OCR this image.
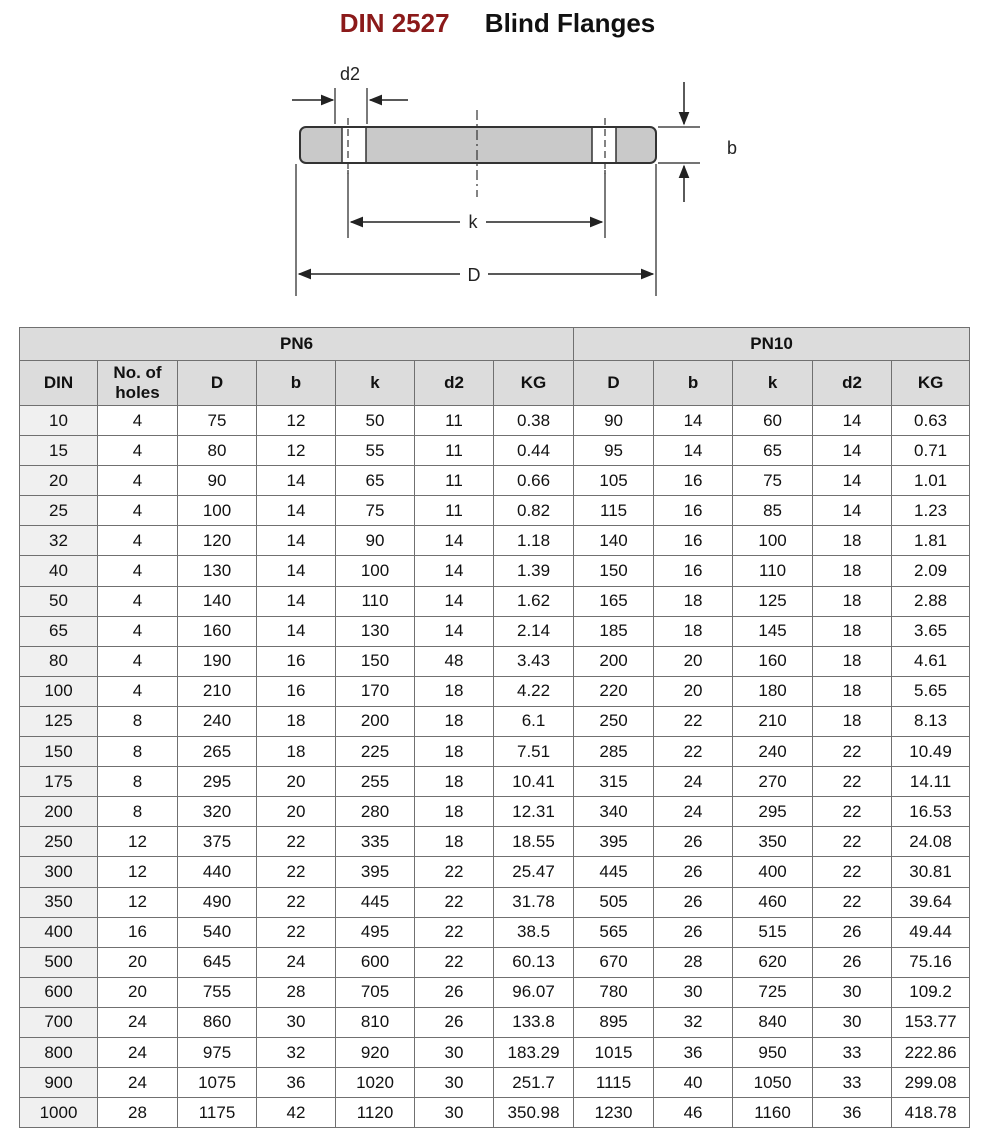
DIN 2527 Blind Flanges
d2
b
k
D
PN6							PN10				
DIN	No. of holes	D	b	k	d2	KG	D	b	k	d2	KG
10	4	75	12	50	11	0.38	90	14	60	14	0.63
15	4	80	12	55	11	0.44	95	14	65	14	0.71
20	4	90	14	65	11	0.66	105	16	75	14	1.01
25	4	100	14	75	11	0.82	115	16	85	14	1.23
32	4	120	14	90	14	1.18	140	16	100	18	1.81
40	4	130	14	100	14	1.39	150	16	110	18	2.09
50	4	140	14	110	14	1.62	165	18	125	18	2.88
65	4	160	14	130	14	2.14	185	18	145	18	3.65
80	4	190	16	150	48	3.43	200	20	160	18	4.61
100	4	210	16	170	18	4.22	220	20	180	18	5.65
125	8	240	18	200	18	6.1	250	22	210	18	8.13
150	8	265	18	225	18	7.51	285	22	240	22	10.49
175	8	295	20	255	18	10.41	315	24	270	22	14.11
200	8	320	20	280	18	12.31	340	24	295	22	16.53
250	12	375	22	335	18	18.55	395	26	350	22	24.08
300	12	440	22	395	22	25.47	445	26	400	22	30.81
350	12	490	22	445	22	31.78	505	26	460	22	39.64
400	16	540	22	495	22	38.5	565	26	515	26	49.44
500	20	645	24	600	22	60.13	670	28	620	26	75.16
600	20	755	28	705	26	96.07	780	30	725	30	109.2
700	24	860	30	810	26	133.8	895	32	840	30	153.77
800	24	975	32	920	30	183.29	1015	36	950	33	222.86
900	24	1075	36	1020	30	251.7	1115	40	1050	33	299.08
1000	28	1175	42	1120	30	350.98	1230	46	1160	36	418.78
